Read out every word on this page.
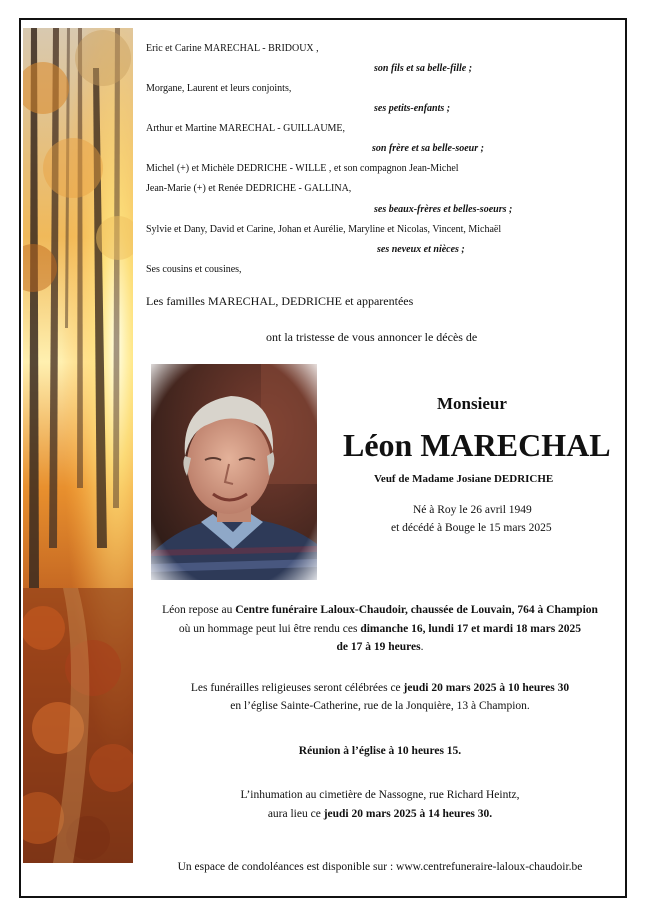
Eric et Carine MARECHAL - BRIDOUX ,
son fils et sa belle-fille ;
Morgane, Laurent et leurs conjoints,
ses petits-enfants ;
Arthur et Martine MARECHAL - GUILLAUME,
son frère et sa belle-soeur ;
Michel (+) et Michèle DEDRICHE - WILLE , et son compagnon Jean-Michel
Jean-Marie (+) et Renée DEDRICHE - GALLINA,
ses beaux-frères et belles-soeurs ;
Sylvie et Dany, David et Carine, Johan et Aurélie, Maryline et Nicolas, Vincent, Michaël
ses neveux et nièces ;
Ses cousins et cousines,
Les familles MARECHAL, DEDRICHE et apparentées
ont la tristesse de vous annoncer le décès de
Monsieur
Léon MARECHAL
Veuf de Madame Josiane DEDRICHE
Né à Roy le 26 avril 1949
et décédé à Bouge le 15 mars 2025
Léon repose au Centre funéraire Laloux-Chaudoir, chaussée de Louvain, 764 à Champion
où un hommage peut lui être rendu ces dimanche 16, lundi 17 et mardi 18 mars 2025
de 17 à 19 heures.
Les funérailles religieuses seront célébrées ce jeudi 20 mars 2025 à 10 heures 30
en l’église Sainte-Catherine, rue de la Jonquière, 13 à Champion.
Réunion à l’église à 10 heures 15.
L’inhumation au cimetière de Nassogne, rue Richard Heintz,
aura lieu ce jeudi 20 mars 2025 à 14 heures 30.
Un espace de condoléances est disponible sur : www.centrefuneraire-laloux-chaudoir.be
